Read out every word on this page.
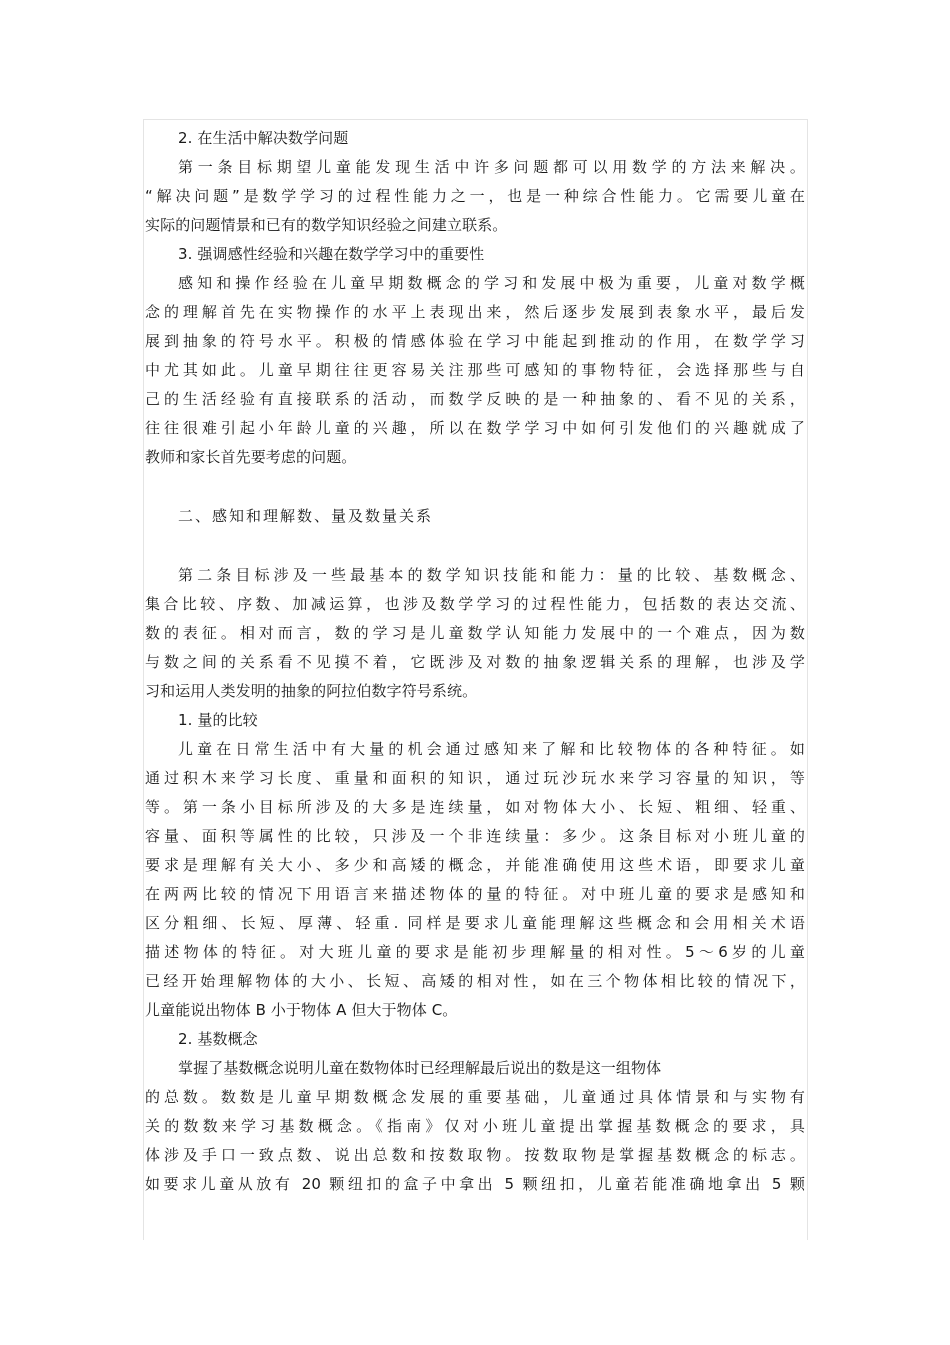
2. 在生活中解决数学问题
第一条目标期望儿童能发现生活中许多问题都可以用数学的方法来解决。
“解决问题”是数学学习的过程性能力之一，也是一种综合性能力。它需要儿童在
实际的问题情景和已有的数学知识经验之间建立联系。
3. 强调感性经验和兴趣在数学学习中的重要性
感知和操作经验在儿童早期数概念的学习和发展中极为重要，儿童对数学概
念的理解首先在实物操作的水平上表现出来，然后逐步发展到表象水平，最后发
展到抽象的符号水平。积极的情感体验在学习中能起到推动的作用，在数学学习
中尤其如此。儿童早期往往更容易关注那些可感知的事物特征，会选择那些与自
己的生活经验有直接联系的活动，而数学反映的是一种抽象的、看不见的关系，
往往很难引起小年龄儿童的兴趣，所以在数学学习中如何引发他们的兴趣就成了
教师和家长首先要考虑的问题。
二、感知和理解数、量及数量关系
第二条目标涉及一些最基本的数学知识技能和能力：量的比较、基数概念、
集合比较、序数、加减运算，也涉及数学学习的过程性能力，包括数的表达交流、
数的表征。相对而言，数的学习是儿童数学认知能力发展中的一个难点，因为数
与数之间的关系看不见摸不着，它既涉及对数的抽象逻辑关系的理解，也涉及学
习和运用人类发明的抽象的阿拉伯数字符号系统。
1. 量的比较
儿童在日常生活中有大量的机会通过感知来了解和比较物体的各种特征。如
通过积木来学习长度、重量和面积的知识，通过玩沙玩水来学习容量的知识，等
等。第一条小目标所涉及的大多是连续量，如对物体大小、长短、粗细、轻重、
容量、面积等属性的比较，只涉及一个非连续量：多少。这条目标对小班儿童的
要求是理解有关大小、多少和高矮的概念，并能准确使用这些术语，即要求儿童
在两两比较的情况下用语言来描述物体的量的特征。对中班儿童的要求是感知和
区分粗细、长短、厚薄、轻重. 同样是要求儿童能理解这些概念和会用相关术语
描述物体的特征。对大班儿童的要求是能初步理解量的相对性。5～6岁的儿童
已经开始理解物体的大小、长短、高矮的相对性，如在三个物体相比较的情况下，
儿童能说出物体 B 小于物体 A 但大于物体 C。
2. 基数概念
掌握了基数概念说明儿童在数物体时已经理解最后说出的数是这一组物体
的总数。数数是儿童早期数概念发展的重要基础，儿童通过具体情景和与实物有
关的数数来学习基数概念。《指南》仅对小班儿童提出掌握基数概念的要求，具
体涉及手口一致点数、说出总数和按数取物。按数取物是掌握基数概念的标志。
如要求儿童从放有 20 颗纽扣的盒子中拿出 5 颗纽扣，儿童若能准确地拿出 5 颗
